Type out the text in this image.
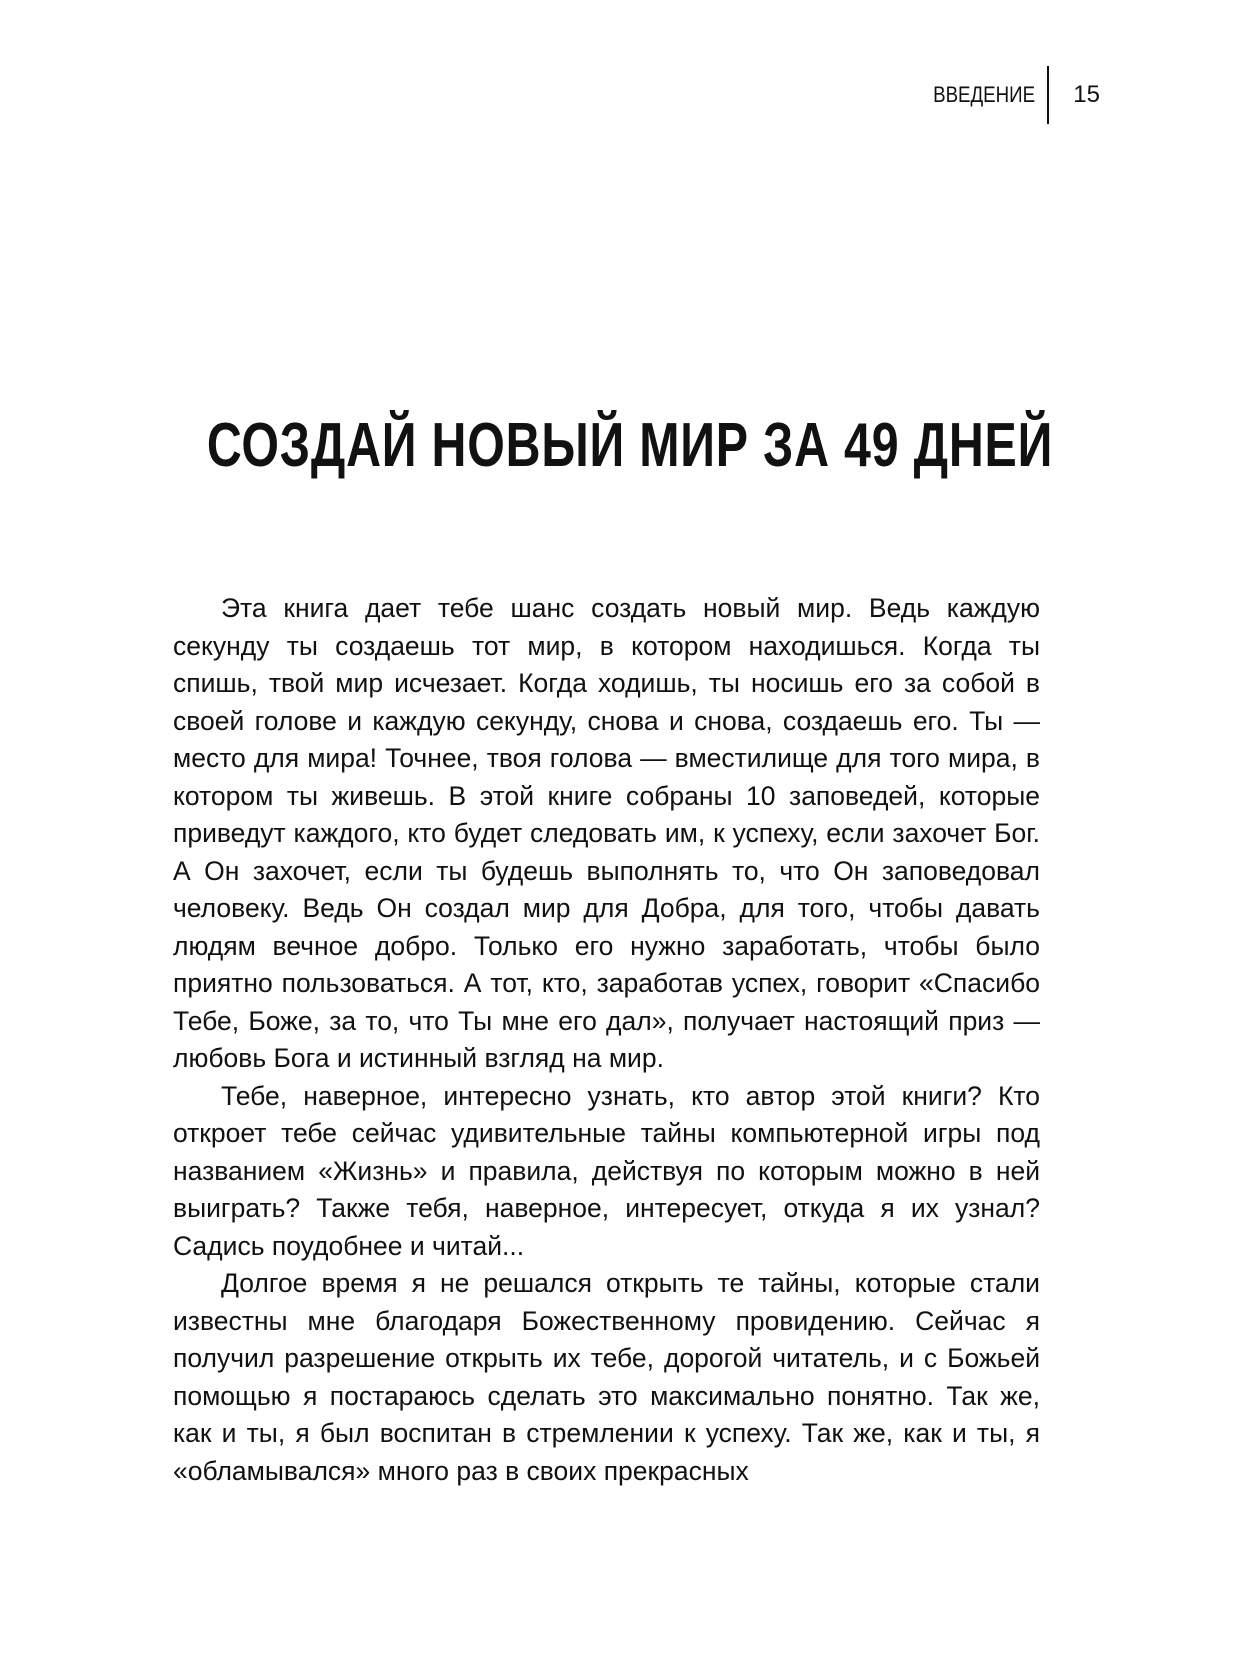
ВВЕДЕНИЕ	15
СОЗДАЙ НОВЫЙ МИР ЗА 49 ДНЕЙ

Эта книга дает тебе шанс создать новый мир. Ведь каждую секунду ты создаешь тот мир, в котором находишься. Когда ты спишь, твой мир исчезает. Когда ходишь, ты носишь его за собой в своей голове и каждую секунду, снова и снова, создаешь его. Ты — место для мира! Точнее, твоя голова — вместилище для того мира, в котором ты живешь. В этой книге собраны 10 заповедей, которые приведут каждого, кто будет следовать им, к успеху, если захочет Бог. А Он захочет, если ты будешь выполнять то, что Он заповедовал человеку. Ведь Он создал мир для Добра, для того, чтобы давать людям вечное добро. Только его нужно заработать, чтобы было приятно пользоваться. А тот, кто, заработав успех, говорит «Спасибо Тебе, Боже, за то, что Ты мне его дал», получает настоящий приз — любовь Бога и истинный взгляд на мир.

Тебе, наверное, интересно узнать, кто автор этой книги? Кто откроет тебе сейчас удивительные тайны компьютерной игры под названием «Жизнь» и правила, действуя по которым можно в ней выиграть? Также тебя, наверное, интересует, откуда я их узнал? Садись поудобнее и читай...

Долгое время я не решался открыть те тайны, которые стали известны мне благодаря Божественному провидению. Сейчас я получил разрешение открыть их тебе, дорогой читатель, и с Божьей помощью я постараюсь сделать это максимально понятно. Так же, как и ты, я был воспитан в стремлении к успеху. Так же, как и ты, я «обламывался» много раз в своих прекрасных
